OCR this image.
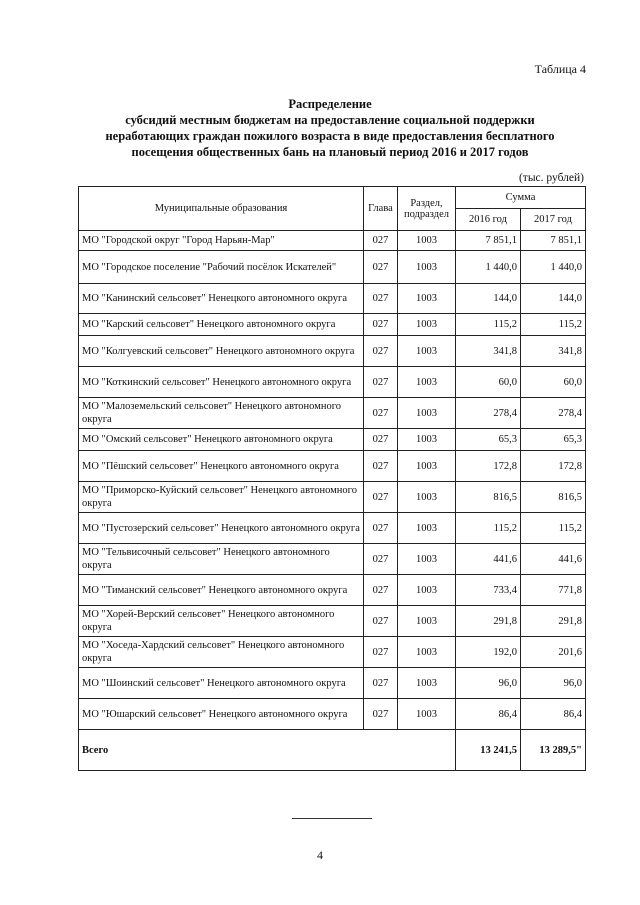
Таблица 4
Распределение
субсидий местным бюджетам на предоставление социальной поддержки
неработающих граждан пожилого возраста в виде предоставления бесплатного
посещения общественных бань на плановый период 2016 и 2017 годов
(тыс. рублей)
Муниципальные образования	Глава	Раздел, подраздел	Сумма	
			2016 год	2017 год
МО "Городской округ "Город Нарьян-Мар"	027	1003	7 851,1	7 851,1
МО "Городское поселение "Рабочий посёлок Искателей"	027	1003	1 440,0	1 440,0
МО "Канинский сельсовет" Ненецкого автономного округа	027	1003	144,0	144,0
МО "Карский сельсовет" Ненецкого автономного округа	027	1003	115,2	115,2
МО "Колгуевский сельсовет" Ненецкого автономного округа	027	1003	341,8	341,8
МО "Коткинский сельсовет" Ненецкого автономного округа	027	1003	60,0	60,0
МО "Малоземельский сельсовет" Ненецкого автономного округа	027	1003	278,4	278,4
МО "Омский сельсовет" Ненецкого автономного округа	027	1003	65,3	65,3
МО "Пёшский сельсовет" Ненецкого автономного округа	027	1003	172,8	172,8
МО "Приморско-Куйский сельсовет" Ненецкого автономного округа	027	1003	816,5	816,5
МО "Пустозерский сельсовет" Ненецкого автономного округа	027	1003	115,2	115,2
МО "Тельвисочный сельсовет" Ненецкого автономного округа	027	1003	441,6	441,6
МО "Тиманский сельсовет" Ненецкого автономного округа	027	1003	733,4	771,8
МО "Хорей-Верский сельсовет" Ненецкого автономного округа	027	1003	291,8	291,8
МО "Хоседа-Хардский сельсовет" Ненецкого автономного округа	027	1003	192,0	201,6
МО "Шоинский сельсовет" Ненецкого автономного округа	027	1003	96,0	96,0
МО "Юшарский сельсовет" Ненецкого автономного округа	027	1003	86,4	86,4
Всего			13 241,5	13 289,5"
4
